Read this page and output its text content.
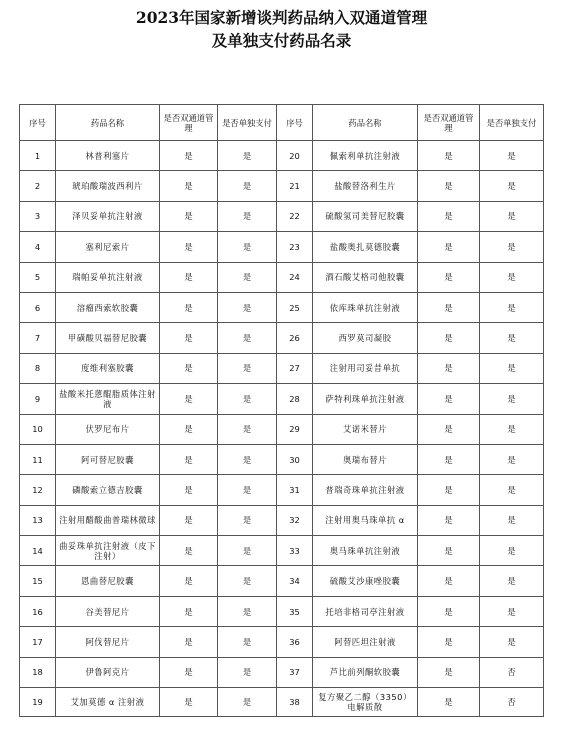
2023年国家新增谈判药品纳入双通道管理
及单独支付药品名录
序号	药品名称	是否双通道管理	是否单独支付	序号	药品名称	是否双通道管理	是否单独支付
1	林普利塞片	是	是	20	佩索利单抗注射液	是	是
2	琥珀酸瑞波西利片	是	是	21	盐酸替洛利生片	是	是
3	泽贝妥单抗注射液	是	是	22	硫酸氢司美替尼胶囊	是	是
4	塞利尼索片	是	是	23	盐酸奥扎莫德胶囊	是	是
5	瑞帕妥单抗注射液	是	是	24	酒石酸艾格司他胶囊	是	是
6	溶瘤西索软胶囊	是	是	25	依库珠单抗注射液	是	是
7	甲磺酸贝福替尼胶囊	是	是	26	西罗莫司凝胶	是	是
8	度维利塞胶囊	是	是	27	注射用司妥昔单抗	是	是
9	盐酸米托蒽醌脂质体注射液	是	是	28	萨特利珠单抗注射液	是	是
10	伏罗尼布片	是	是	29	艾诺米替片	是	是
11	阿可替尼胶囊	是	是	30	奥瑞布替片	是	是
12	磷酸索立德吉胶囊	是	是	31	普瑞奇珠单抗注射液	是	是
13	注射用醋酸曲普瑞林微球	是	是	32	注射用奥马珠单抗 α	是	是
14	曲妥珠单抗注射液（皮下注射）	是	是	33	奥马珠单抗注射液	是	是
15	恩曲替尼胶囊	是	是	34	硫酸艾沙康唑胶囊	是	是
16	谷美替尼片	是	是	35	托培非格司亭注射液	是	是
17	阿伐替尼片	是	是	36	阿替匹坦注射液	是	是
18	伊鲁阿克片	是	是	37	芦比前列酮软胶囊	是	否
19	艾加莫德 α 注射液	是	是	38	复方聚乙二醇（3350）电解质散	是	否
